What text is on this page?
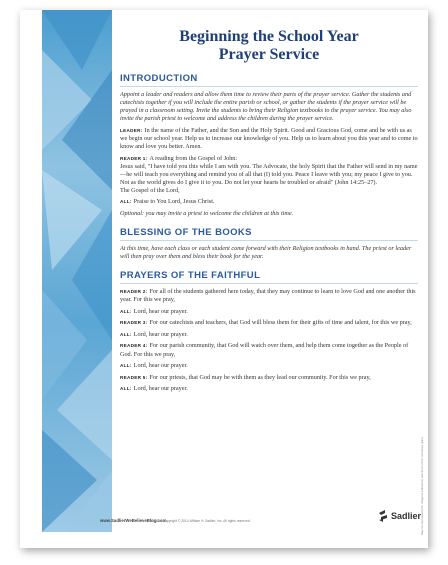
Beginning the School Year
Prayer Service
INTRODUCTION

Appoint a leader and readers and allow them time to review their parts of the prayer service. Gather the students and catechists together if you will include the entire parish or school, or gather the students if the prayer service will be prayed in a classroom setting. Invite the students to bring their Religion textbooks to the prayer service. You may also invite the parish priest to welcome and address the children during the prayer service.

LEADER: In the name of the Father, and the Son and the Holy Spirit. Good and Gracious God, come and be with us as we begin our school year. Help us to increase our knowledge of you. Help us to learn about you this year and to come to know and love you better. Amen.

READER 1: A reading from the Gospel of John:
Jesus said, "I have told you this while I am with you. The Advocate, the holy Spirit that the Father will send in my name—he will teach you everything and remind you of all that (I) told you. Peace I leave with you; my peace I give to you. Not as the world gives do I give it to you. Do not let your hearts be troubled or afraid" (John 14:25–27).
The Gospel of the Lord,

ALL: Praise to You Lord, Jesus Christ.

Optional: you may invite a priest to welcome the children at this time.

BLESSING OF THE BOOKS

At this time, have each class or each student come forward with their Religion textbooks in hand. The priest or leader will then pray over them and bless their book for the year.

PRAYERS OF THE FAITHFUL

READER 2: For all of the students gathered here today, that they may continue to learn to love God and one another this year. For this we pray,

ALL: Lord, hear our prayer.

READER 3: For our catechists and teachers, that God will bless them for their gifts of time and talent, for this we pray,

ALL: Lord, hear our prayer.

READER 4: For our parish community, that God will watch over them, and help them come together as the People of God. For this we pray,

ALL: Lord, hear our prayer.

READER 5: For our priests, that God may be with them as they lead our community. For this we pray,

ALL: Lord, hear our prayer.

Sadlier
May be reproduced for religious education use (but not for monetary gain).
www.SadlierWeBelieveBlog.com
09/2014 Copyright © 2014 William H. Sadlier, Inc. All rights reserved.
